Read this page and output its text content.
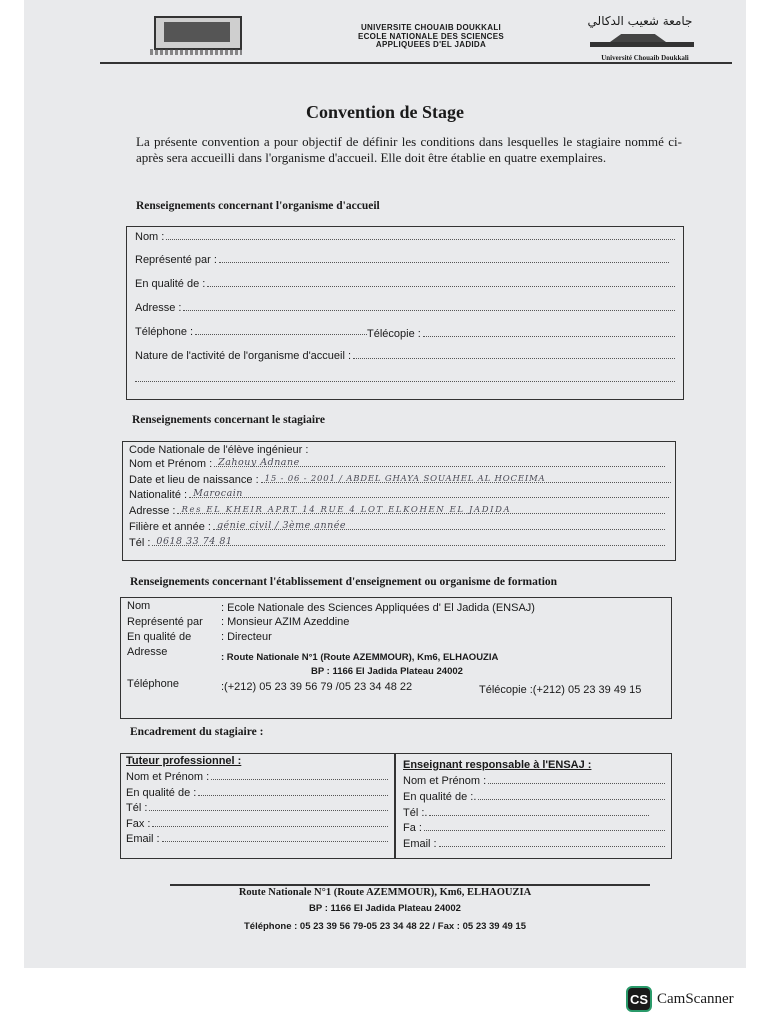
UNIVERSITE CHOUAIB DOUKKALI
ECOLE NATIONALE DES SCIENCES
APPLIQUEES D'EL JADIDA
جامعة شعيب الدكالي
Université Chouaib Doukkali
Convention de Stage
La présente convention a pour objectif de définir les conditions dans lesquelles le stagiaire nommé ci-après sera accueilli dans l'organisme d'accueil. Elle doit être établie en quatre exemplaires.
Renseignements concernant l'organisme d'accueil
Nom :
Représenté par :
En qualité de :
Adresse :
Téléphone :	Télécopie :
Nature de l'activité de l'organisme d'accueil :
Renseignements concernant le stagiaire
Code Nationale de l'élève ingénieur :
Nom et Prénom : Zahouy Adnane
Date et lieu de naissance : 15 - 06 - 2001 / ABDEL GHAYA SOUAHEL AL HOCEIMA
Nationalité : Marocain
Adresse : Res EL KHEIR APRT 14 RUE 4 LOT ELKOHEN EL JADIDA
Filière et année : génie civil / 3ème année
Tél : 0618 33 74 81
Renseignements concernant l'établissement d'enseignement ou organisme de formation
Nom	: Ecole Nationale des Sciences Appliquées d' El Jadida (ENSAJ)
Représenté par : Monsieur AZIM Azeddine
En qualité de	: Directeur
Adresse	: Route Nationale N°1 (Route AZEMMOUR), Km6, ELHAOUZIA
BP : 1166 El Jadida Plateau 24002
Téléphone	:(+212) 05 23 39 56 79 /05 23 34 48 22	Télécopie :(+212) 05 23 39 49 15
Encadrement du stagiaire :
Tuteur professionnel :
Nom et Prénom :
En qualité de :
Tél :
Fax :
Email :
Enseignant responsable à l'ENSAJ :
Nom et Prénom :
En qualité de :.
Tél :.
Fa :
Email :
Route Nationale N°1 (Route AZEMMOUR), Km6, ELHAOUZIA
BP : 1166 El Jadida Plateau 24002
Téléphone : 05 23 39 56 79-05 23 34 48 22 / Fax : 05 23 39 49 15
CS CamScanner
